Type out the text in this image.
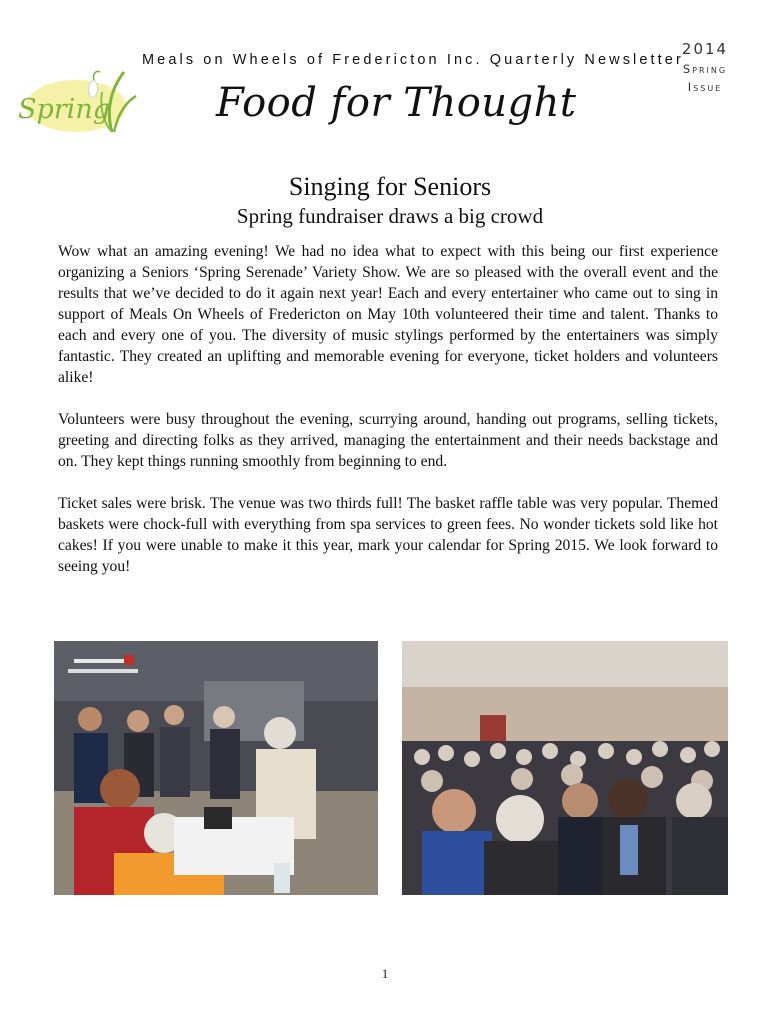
Spring
Meals on Wheels of Fredericton Inc. Quarterly Newsletter
Food for Thought
2014
Spring
Issue
Singing for Seniors
Spring fundraiser draws a big crowd

Wow what an amazing evening! We had no idea what to expect with this being our first experience organizing a Seniors ‘Spring Serenade’ Variety Show. We are so pleased with the overall event and the results that we’ve decided to do it again next year! Each and every entertainer who came out to sing in support of Meals On Wheels of Fredericton on May 10th volunteered their time and talent. Thanks to each and every one of you. The diversity of music stylings performed by the entertainers was simply fantastic. They created an uplifting and memorable evening for everyone, ticket holders and volunteers alike!

Volunteers were busy throughout the evening, scurrying around, handing out programs, selling tickets, greeting and directing folks as they arrived, managing the entertainment and their needs backstage and on. They kept things running smoothly from beginning to end.

Ticket sales were brisk. The venue was two thirds full! The basket raffle table was very popular. Themed baskets were chock-full with everything from spa services to green fees. No wonder tickets sold like hot cakes! If you were unable to make it this year, mark your calendar for Spring 2015. We look forward to seeing you!

1
